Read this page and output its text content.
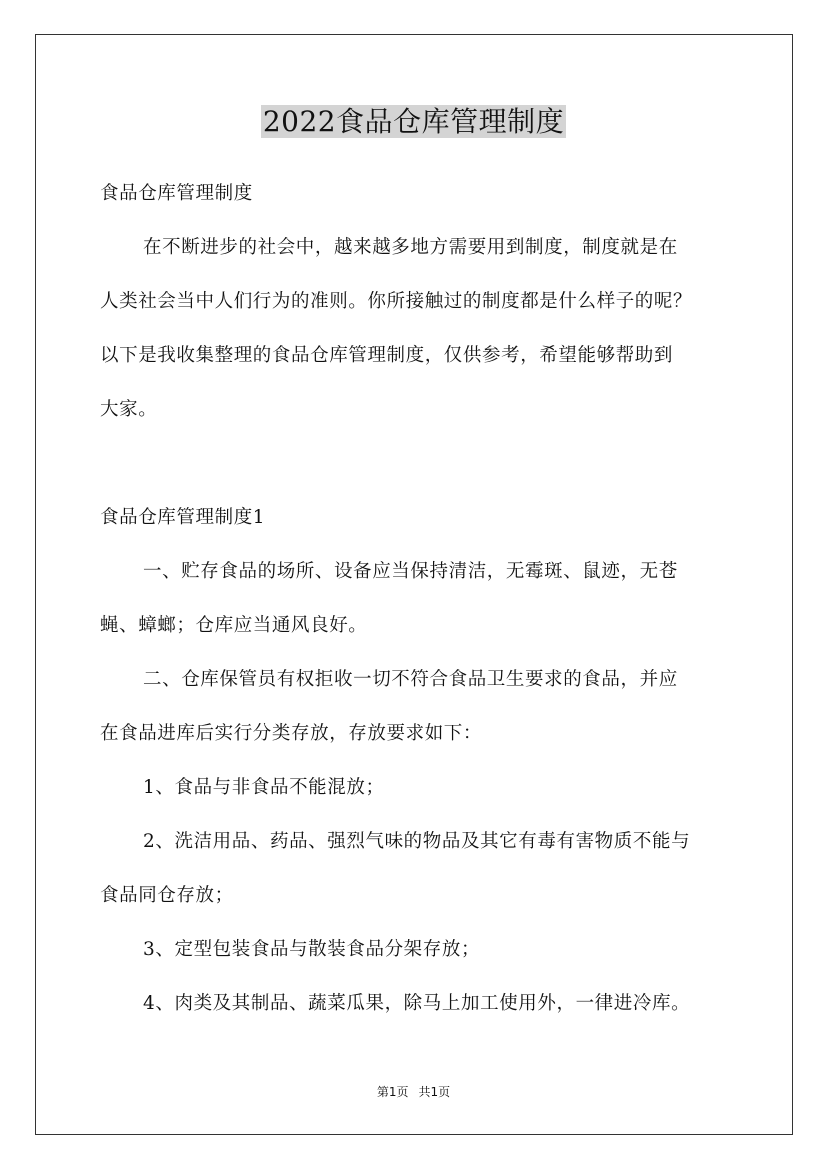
2022食品仓库管理制度

食品仓库管理制度

在不断进步的社会中，越来越多地方需要用到制度，制度就是在

人类社会当中人们行为的准则。你所接触过的制度都是什么样子的呢？

以下是我收集整理的食品仓库管理制度，仅供参考，希望能够帮助到

大家。

食品仓库管理制度1

一、贮存食品的场所、设备应当保持清洁，无霉斑、鼠迹，无苍

蝇、蟑螂；仓库应当通风良好。

二、仓库保管员有权拒收一切不符合食品卫生要求的食品，并应

在食品进库后实行分类存放，存放要求如下：

1、食品与非食品不能混放；

2、洗洁用品、药品、强烈气味的物品及其它有毒有害物质不能与

食品同仓存放；

3、定型包装食品与散装食品分架存放；

4、肉类及其制品、蔬菜瓜果，除马上加工使用外，一律进冷库。

第1页 共1页
